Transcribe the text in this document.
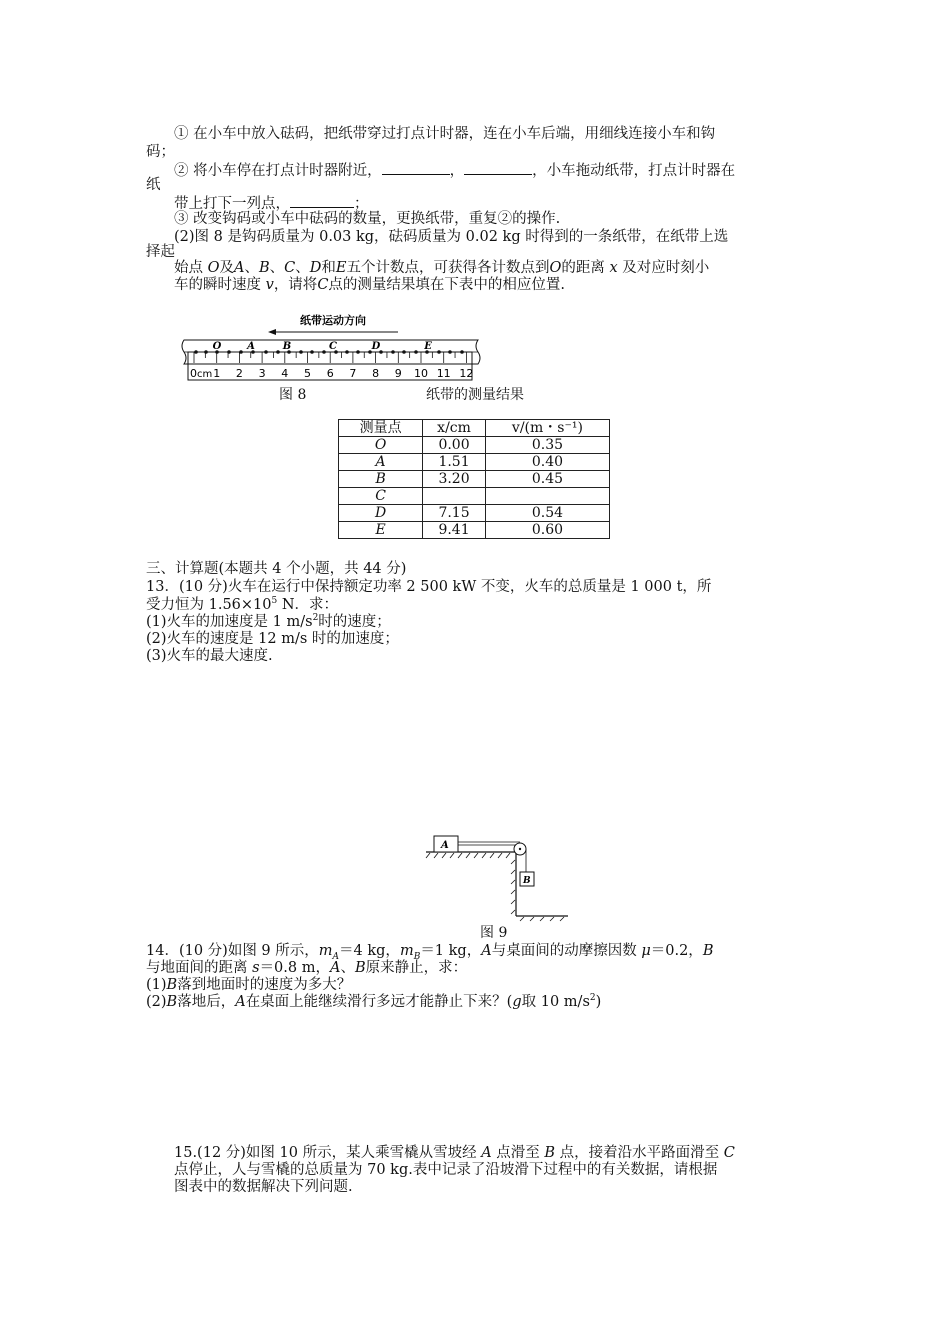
① 在小车中放入砝码，把纸带穿过打点计时器，连在小车后端，用细线连接小车和钩
码；
② 将小车停在打点计时器附近，	，	，小车拖动纸带，打点计时器在
纸
带上打下一列点，	；
③ 改变钩码或小车中砝码的数量，更换纸带，重复②的操作.
(2)图 8 是钩码质量为 0.03 kg，砝码质量为 0.02 kg 时得到的一条纸带，在纸带上选
择起
始点 O及A、B、C、D和E五个计数点，可获得各计数点到O的距离 x 及对应时刻小
车的瞬时速度 v，请将C点的测量结果填在下表中的相应位置.
纸带运动方向
O	A	B	C	D	E
0 1 2 3 4 5 6 7 8 9 10 11 12
cm
图 8	纸带的测量结果
测量点	x/cm	v/(m・s⁻¹)
O	0.00	0.35
A	1.51	0.40
B	3.20	0.45
C		
D	7.15	0.54
E	9.41	0.60
三、计算题(本题共 4 个小题，共 44 分)
13．(10 分)火车在运行中保持额定功率 2 500 kW 不变，火车的总质量是 1 000 t，所
受力恒为 $1.56\times 10^5$ N．求：
(1)火车的加速度是 1 $m/s^2$时的速度；
(2)火车的速度是 12 m/s 时的加速度；
(3)火车的最大速度.
A
B
图 9
14．(10 分)如图 9 所示，$m_A=4$ kg，$m_B=1$ kg，A与桌面间的动摩擦因数 μ＝0.2，B
与地面间的距离 s＝0.8 m，A、B原来静止，求：
(1)B落到地面时的速度为多大？
(2)B落地后，A在桌面上能继续滑行多远才能静止下来？(g取 10 $m/s^2$)
15.(12 分)如图 10 所示，某人乘雪橇从雪坡经 A 点滑至 B 点，接着沿水平路面滑至 C
点停止，人与雪橇的总质量为 70 kg.表中记录了沿坡滑下过程中的有关数据，请根据
图表中的数据解决下列问题.
